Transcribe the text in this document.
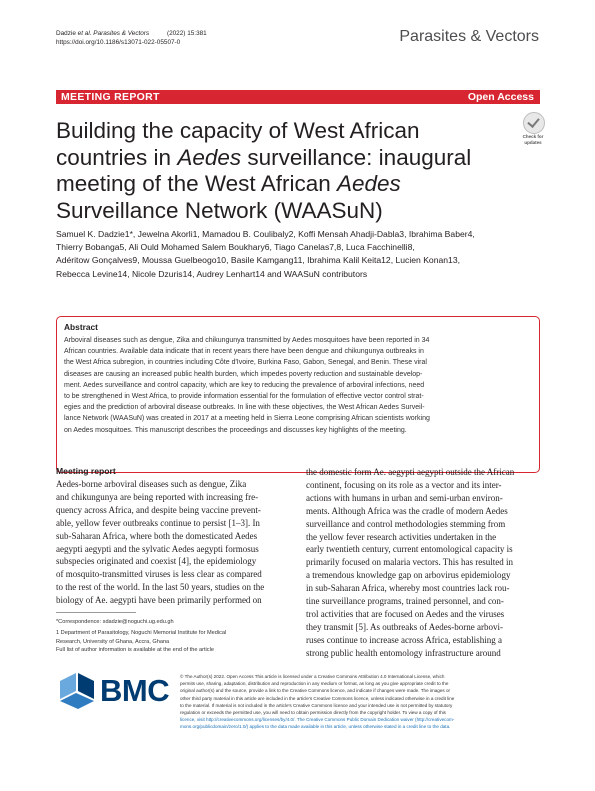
Dadzie et al. Parasites & Vectors          (2022) 15:381
https://doi.org/10.1186/s13071-022-05507-0	Parasites & Vectors
MEETING REPORT	Open Access
Building the capacity of West African countries in Aedes surveillance: inaugural meeting of the West African Aedes Surveillance Network (WAASuN)
Check for
updates
Samuel K. Dadzie1*, Jewelna Akorli1, Mamadou B. Coulibaly2, Koffi Mensah Ahadji-Dabla3, Ibrahima Baber4,
Thierry Bobanga5, Ali Ould Mohamed Salem Boukhary6, Tiago Canelas7,8, Luca Facchinelli8,
Adéritow Gonçalves9, Moussa Guelbeogo10, Basile Kamgang11, Ibrahima Kalil Keita12, Lucien Konan13,
Rebecca Levine14, Nicole Dzuris14, Audrey Lenhart14 and WAASuN contributors
Abstract
Arboviral diseases such as dengue, Zika and chikungunya transmitted by Aedes mosquitoes have been reported in 34
African countries. Available data indicate that in recent years there have been dengue and chikungunya outbreaks in
the West Africa subregion, in countries including Côte d'Ivoire, Burkina Faso, Gabon, Senegal, and Benin. These viral
diseases are causing an increased public health burden, which impedes poverty reduction and sustainable develop-
ment. Aedes surveillance and control capacity, which are key to reducing the prevalence of arboviral infections, need
to be strengthened in West Africa, to provide information essential for the formulation of effective vector control strat-
egies and the prediction of arboviral disease outbreaks. In line with these objectives, the West African Aedes Surveil-
lance Network (WAASuN) was created in 2017 at a meeting held in Sierra Leone comprising African scientists working
on Aedes mosquitoes. This manuscript describes the proceedings and discusses key highlights of the meeting.
Meeting report
Aedes-borne arboviral diseases such as dengue, Zika
and chikungunya are being reported with increasing fre-
quency across Africa, and despite being vaccine prevent-
able, yellow fever outbreaks continue to persist [1–3]. In
sub-Saharan Africa, where both the domesticated Aedes
aegypti aegypti and the sylvatic Aedes aegypti formosus
subspecies originated and coexist [4], the epidemiology
of mosquito-transmitted viruses is less clear as compared
to the rest of the world. In the last 50 years, studies on the
biology of Ae. aegypti have been primarily performed on
the domestic form Ae. aegypti aegypti outside the African
continent, focusing on its role as a vector and its inter-
actions with humans in urban and semi-urban environ-
ments. Although Africa was the cradle of modern Aedes
surveillance and control methodologies stemming from
the yellow fever research activities undertaken in the
early twentieth century, current entomological capacity is
primarily focused on malaria vectors. This has resulted in
a tremendous knowledge gap on arbovirus epidemiology
in sub-Saharan Africa, whereby most countries lack rou-
tine surveillance programs, trained personnel, and con-
trol activities that are focused on Aedes and the viruses
they transmit [5]. As outbreaks of Aedes-borne arbovi-
ruses continue to increase across Africa, establishing a
strong public health entomology infrastructure around
*Correspondence: sdadzie@noguchi.ug.edu.gh
1 Department of Parasitology, Noguchi Memorial Institute for Medical
Research, University of Ghana, Accra, Ghana
Full list of author information is available at the end of the article
BMC © The Author(s) 2022. Open Access This article is licensed under a Creative Commons Attribution 4.0 International License, which
permits use, sharing, adaptation, distribution and reproduction in any medium or format, as long as you give appropriate credit to the
original author(s) and the source, provide a link to the Creative Commons licence, and indicate if changes were made. The images or
other third party material in this article are included in the article's Creative Commons licence, unless indicated otherwise in a credit line
to the material. If material is not included in the article's Creative Commons licence and your intended use is not permitted by statutory
regulation or exceeds the permitted use, you will need to obtain permission directly from the copyright holder. To view a copy of this
licence, visit http://creativecommons.org/licenses/by/4.0/. The Creative Commons Public Domain Dedication waiver (http://creativecom-
mons.org/publicdomain/zero/1.0/) applies to the data made available in this article, unless otherwise stated in a credit line to the data.
